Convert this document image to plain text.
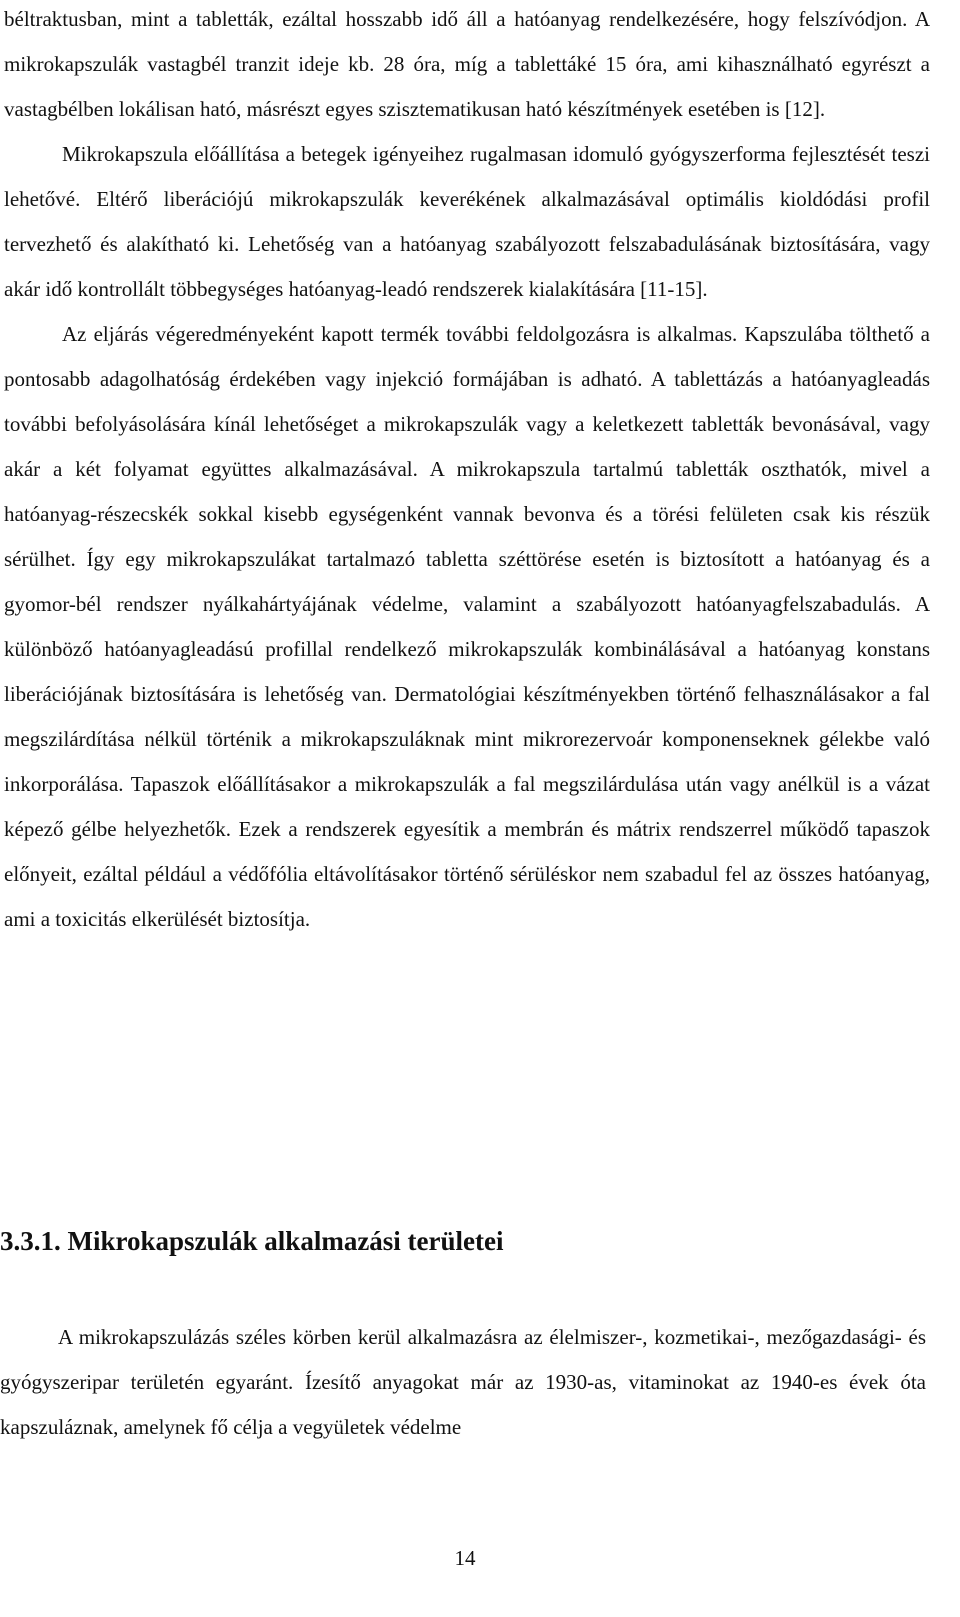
béltraktusban, mint a tabletták, ezáltal hosszabb idő áll a hatóanyag rendelkezésére, hogy felszívódjon. A mikrokapszulák vastagbél tranzit ideje kb. 28 óra, míg a tablettáké 15 óra, ami kihasználható egyrészt a vastagbélben lokálisan ható, másrészt egyes szisztematikusan ható készítmények esetében is [12].

Mikrokapszula előállítása a betegek igényeihez rugalmasan idomuló gyógyszerforma fejlesztését teszi lehetővé. Eltérő liberációjú mikrokapszulák keverékének alkalmazásával optimális kioldódási profil tervezhető és alakítható ki. Lehetőség van a hatóanyag szabályozott felszabadulásának biztosítására, vagy akár idő kontrollált többegységes hatóanyag-leadó rendszerek kialakítására [11-15].

Az eljárás végeredményeként kapott termék további feldolgozásra is alkalmas. Kapszulába tölthető a pontosabb adagolhatóság érdekében vagy injekció formájában is adható. A tablettázás a hatóanyagleadás további befolyásolására kínál lehetőséget a mikrokapszulák vagy a keletkezett tabletták bevonásával, vagy akár a két folyamat együttes alkalmazásával. A mikrokapszula tartalmú tabletták oszthatók, mivel a hatóanyag-részecskék sokkal kisebb egységenként vannak bevonva és a törési felületen csak kis részük sérülhet. Így egy mikrokapszulákat tartalmazó tabletta széttörése esetén is biztosított a hatóanyag és a gyomor-bél rendszer nyálkahártyájának védelme, valamint a szabályozott hatóanyagfelszabadulás. A különböző hatóanyagleadású profillal rendelkező mikrokapszulák kombinálásával a hatóanyag konstans liberációjának biztosítására is lehetőség van. Dermatológiai készítményekben történő felhasználásakor a fal megszilárdítása nélkül történik a mikrokapszuláknak mint mikrorezervoár komponenseknek gélekbe való inkorporálása. Tapaszok előállításakor a mikrokapszulák a fal megszilárdulása után vagy anélkül is a vázat képező gélbe helyezhetők. Ezek a rendszerek egyesítik a membrán és mátrix rendszerrel működő tapaszok előnyeit, ezáltal például a védőfólia eltávolításakor történő sérüléskor nem szabadul fel az összes hatóanyag, ami a toxicitás elkerülését biztosítja.

3.3.1. Mikrokapszulák alkalmazási területei

A mikrokapszulázás széles körben kerül alkalmazásra az élelmiszer-, kozmetikai-, mezőgazdasági- és gyógyszeripar területén egyaránt. Ízesítő anyagokat már az 1930-as, vitaminokat az 1940-es évek óta kapszuláznak, amelynek fő célja a vegyületek védelme

14
